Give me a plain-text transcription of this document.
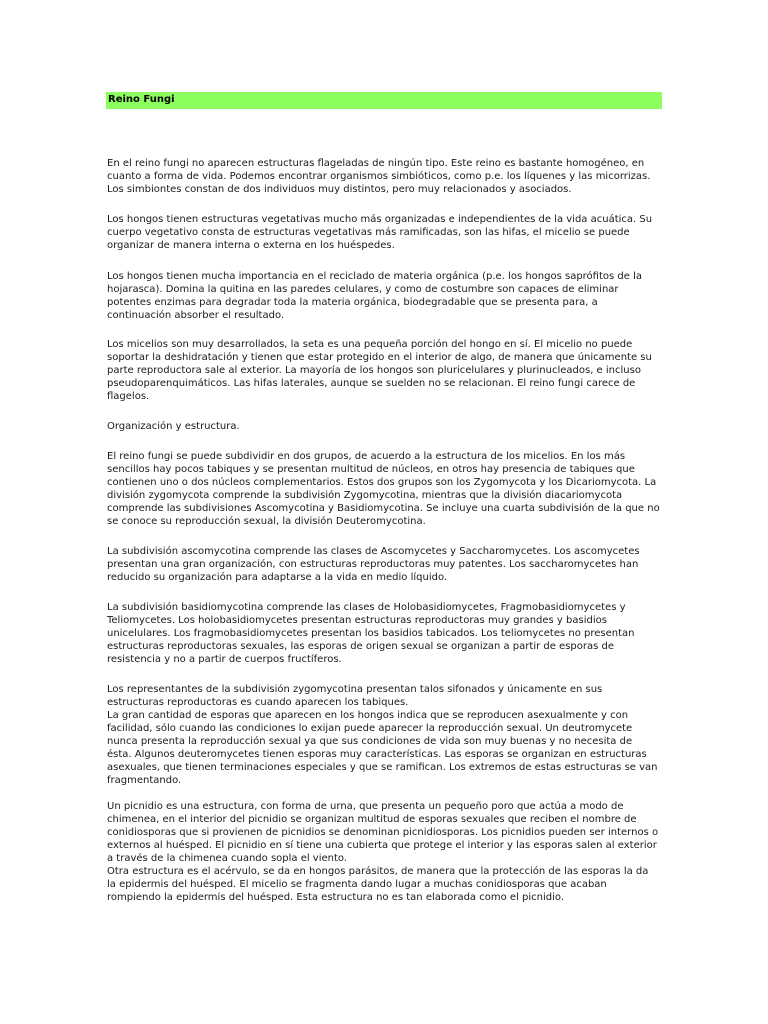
Reino Fungi

En el reino fungi no aparecen estructuras flageladas de ningún tipo. Este reino es bastante homogéneo, en
cuanto a forma de vida. Podemos encontrar organismos simbióticos, como p.e. los líquenes y las micorrizas.
Los simbiontes constan de dos individuos muy distintos, pero muy relacionados y asociados.

Los hongos tienen estructuras vegetativas mucho más organizadas e independientes de la vida acuática. Su
cuerpo vegetativo consta de estructuras vegetativas más ramificadas, son las hifas, el micelio se puede
organizar de manera interna o externa en los huéspedes.

Los hongos tienen mucha importancia en el reciclado de materia orgánica (p.e. los hongos saprófitos de la
hojarasca). Domina la quitina en las paredes celulares, y como de costumbre son capaces de eliminar
potentes enzimas para degradar toda la materia orgánica, biodegradable que se presenta para, a
continuación absorber el resultado.

Los micelios son muy desarrollados, la seta es una pequeña porción del hongo en sí. El micelio no puede
soportar la deshidratación y tienen que estar protegido en el interior de algo, de manera que únicamente su
parte reproductora sale al exterior. La mayoría de los hongos son pluricelulares y plurinucleados, e incluso
pseudoparenquimáticos. Las hifas laterales, aunque se suelden no se relacionan. El reino fungi carece de
flagelos.

Organización y estructura.

El reino fungi se puede subdividir en dos grupos, de acuerdo a la estructura de los micelios. En los más
sencillos hay pocos tabiques y se presentan multitud de núcleos, en otros hay presencia de tabiques que
contienen uno o dos núcleos complementarios. Estos dos grupos son los Zygomycota y los Dicariomycota. La
división zygomycota comprende la subdivisión Zygomycotina, mientras que la división diacariomycota
comprende las subdivisiones Ascomycotina y Basidiomycotina. Se incluye una cuarta subdivisión de la que no
se conoce su reproducción sexual, la división Deuteromycotina.

La subdivisión ascomycotina comprende las clases de Ascomycetes y Saccharomycetes. Los ascomycetes
presentan una gran organización, con estructuras reproductoras muy patentes. Los saccharomycetes han
reducido su organización para adaptarse a la vida en medio líquido.

La subdivisión basidiomycotina comprende las clases de Holobasidiomycetes, Fragmobasidiomycetes y
Teliomycetes. Los holobasidiomycetes presentan estructuras reproductoras muy grandes y basidios
unicelulares. Los fragmobasidiomycetes presentan los basidios tabicados. Los teliomycetes no presentan
estructuras reproductoras sexuales, las esporas de origen sexual se organizan a partir de esporas de
resistencia y no a partir de cuerpos fructíferos.

Los representantes de la subdivisión zygomycotina presentan talos sifonados y únicamente en sus
estructuras reproductoras es cuando aparecen los tabiques.
La gran cantidad de esporas que aparecen en los hongos indica que se reproducen asexualmente y con
facilidad, sólo cuando las condiciones lo exijan puede aparecer la reproducción sexual. Un deutromycete
nunca presenta la reproducción sexual ya que sus condiciones de vida son muy buenas y no necesita de
ésta. Algunos deuteromycetes tienen esporas muy características. Las esporas se organizan en estructuras
asexuales, que tienen terminaciones especiales y que se ramifican. Los extremos de estas estructuras se van
fragmentando.

Un picnidio es una estructura, con forma de urna, que presenta un pequeño poro que actúa a modo de
chimenea, en el interior del picnidio se organizan multitud de esporas sexuales que reciben el nombre de
conidiosporas que si provienen de picnidios se denominan picnidiosporas. Los picnidios pueden ser internos o
externos al huésped. El picnidio en sí tiene una cubierta que protege el interior y las esporas salen al exterior
a través de la chimenea cuando sopla el viento.
Otra estructura es el acérvulo, se da en hongos parásitos, de manera que la protección de las esporas la da
la epidermis del huésped. El micelio se fragmenta dando lugar a muchas conidiosporas que acaban
rompiendo la epidermis del huésped. Esta estructura no es tan elaborada como el picnidio.
